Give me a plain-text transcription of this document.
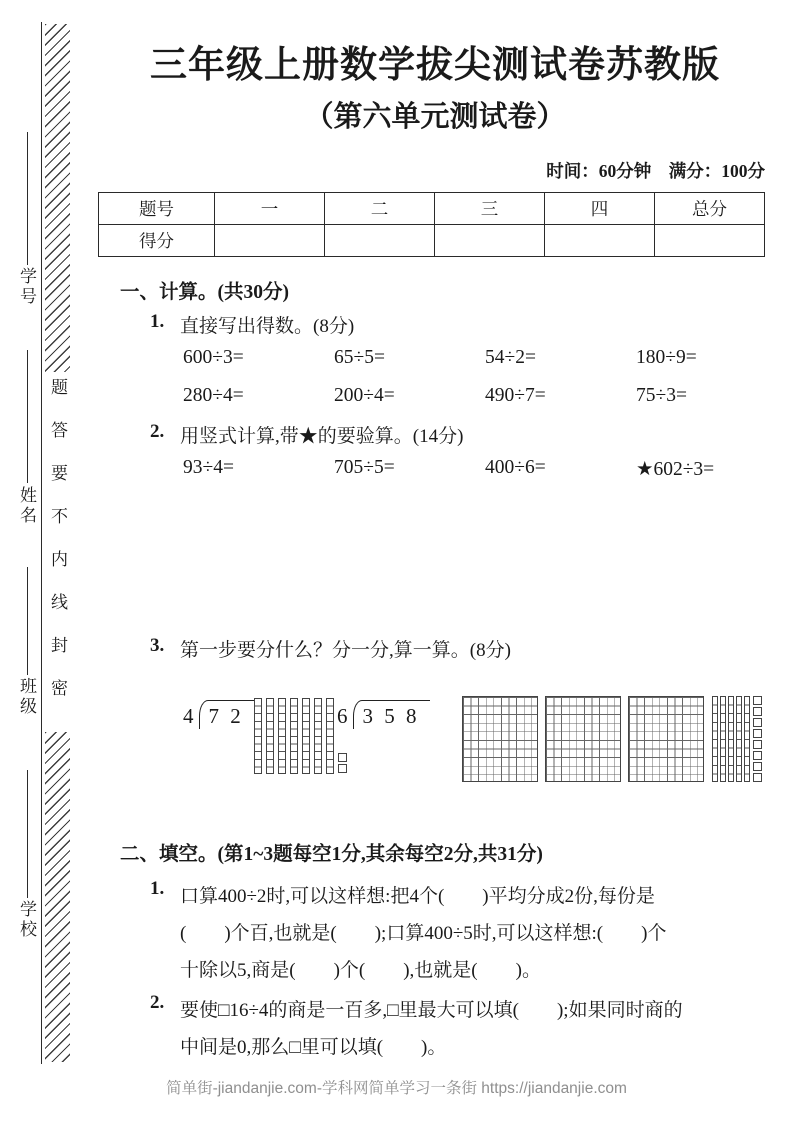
题答要不内线封密
学号
姓名
班级
学校
三年级上册数学拔尖测试卷苏教版
（第六单元测试卷）
时间：60分钟　满分：100分
题号	一	二	三	四	总分
得分					
一、计算。(共30分)
1. 直接写出得数。(8分)
600÷3=	65÷5=	54÷2=	180÷9=
280÷4=	200÷4=	490÷7=	75÷3=
2. 用竖式计算,带★的要验算。(14分)
93÷4=	705÷5=	400÷6=	★602÷3=
3. 第一步要分什么？分一分,算一算。(8分)
4 7 2	6 3 5 8
二、填空。(第1~3题每空1分,其余每空2分,共31分)
1. 口算400÷2时,可以这样想:把4个(　　)平均分成2份,每份是
(　　)个百,也就是(　　);口算400÷5时,可以这样想:(　　)个
十除以5,商是(　　)个(　　),也就是(　　)。
2. 要使□16÷4的商是一百多,□里最大可以填(　　);如果同时商的
中间是0,那么□里可以填(　　)。
简单街-jiandanjie.com-学科网简单学习一条街 https://jiandanjie.com
